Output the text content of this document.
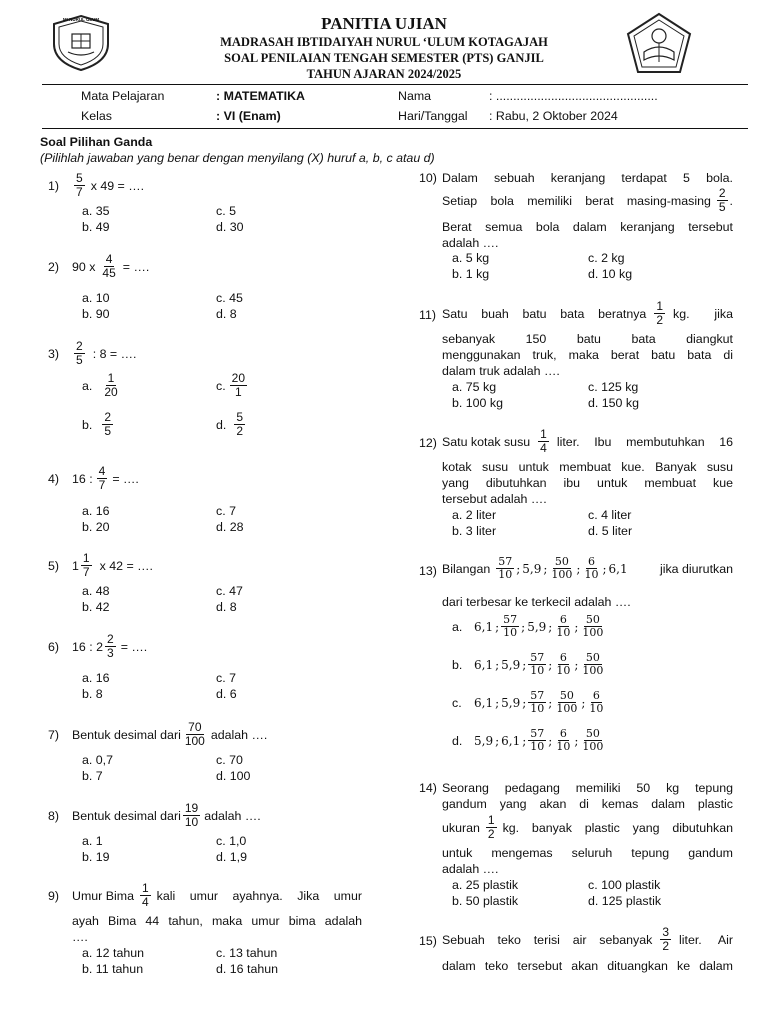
MI NURUL ULUM	PANITIA UJIAN
MADRASAH IBTIDAIYAH NURUL ‘ULUM KOTAGAJAH
SOAL PENILAIAN TENGAH SEMESTER (PTS) GANJIL
TAHUN AJARAN 2024/2025
Mata Pelajaran	: MATEMATIKA	Nama	: ...............................................
Kelas	: VI (Enam)	Hari/Tanggal : Rabu, 2 Oktober 2024
Soal Pilihan Ganda
(Pilihlah jawaban yang benar dengan menyilang (X) huruf a, b, c atau d)
1)	$\frac{5}{7}$ x 49 = ….
a. 35
b. 49
c. 5
d. 30
2)	90 x $\frac{4}{45}$ = ….
a. 10
b. 90
c. 45
d. 8
3)	$\frac{2}{5}$ : 8 = ….
a. $\frac{1}{20}$
b. $\frac{2}{5}$
c. $\frac{20}{1}$
d. $\frac{5}{2}$
4)	16 : $\frac{4}{7}$ = ….
a. 16
b. 20
c. 7
d. 28
5)	$1 \frac{1}{7}$ x 42 = ….
a. 48
b. 42
c. 47
d. 8
6)	16 : $2 \frac{2}{3}$ = ….
a. 16
b. 8
c. 7
d. 6
7)	Bentuk desimal dari $\frac{70}{100}$ adalah ….
a. 0,7
b. 7
c. 70
d. 100
8)	Bentuk desimal dari $\frac{19}{10}$ adalah ….
a. 1
b. 19
c. 1,0
d. 1,9
9)	Umur Bima $\frac{1}{4}$ kali umur ayahnya. Jika umur
ayah Bima 44 tahun, maka umur bima adalah
….
a. 12 tahun
b. 11 tahun
c. 13 tahun
d. 16 tahun
10) Dalam sebuah keranjang terdapat 5 bola.
Setiap bola memiliki berat $masing-masing \frac{2}{5}$ .
Berat semua bola dalam keranjang tersebut
adalah ….
a. 5 kg
b. 1 kg
c. 2 kg
d. 10 kg
11) Satu buah batu bata beratnya $\frac{1}{2}$ kg. jika
sebanyak 150 batu bata diangkut
menggunakan truk, maka berat batu bata di
dalam truk adalah ….
a. 75 kg
b. 100 kg
c. 125 kg
d. 150 kg
12) Satu kotak susu $\frac{1}{4}$ liter. Ibu membutuhkan 16
kotak susu untuk membuat kue. Banyak susu
yang dibutuhkan ibu untuk membuat kue
tersebut adalah ….
a. 2 liter
b. 3 liter
c. 4 liter
d. 5 liter
13) Bilangan $\frac{57}{10}$ ; 5,9 ; $\frac{50}{100}$ ; $\frac{6}{10}$ ; 6,1	jika diurutkan
dari terbesar ke terkecil adalah ….
a. 6,1 ; $\frac{57}{10}$ ; 5,9 ; $\frac{6}{10}$ ; $\frac{50}{100}$
b. 6,1 ; 5,9 ; $\frac{57}{10}$ ; $\frac{6}{10}$ ; $\frac{50}{100}$
c.	6,1 ; 5,9 ; $\frac{57}{10}$ ; $\frac{50}{100}$ ; $\frac{6}{10}$
d. 5,9 ; 6,1 ; $\frac{57}{10}$ ; $\frac{6}{10}$ ; $\frac{50}{100}$
14) Seorang pedagang memiliki 50 kg tepung
gandum yang akan di kemas dalam plastic
ukuran $\frac{1}{2}$ kg. banyak plastic yang dibutuhkan
untuk mengemas seluruh tepung gandum
adalah ….
a. 25 plastik
b. 50 plastik
c. 100 plastik
d. 125 plastik
15) Sebuah teko terisi air sebanyak $\frac{3}{2}$ liter. Air
dalam teko tersebut akan dituangkan ke dalam
